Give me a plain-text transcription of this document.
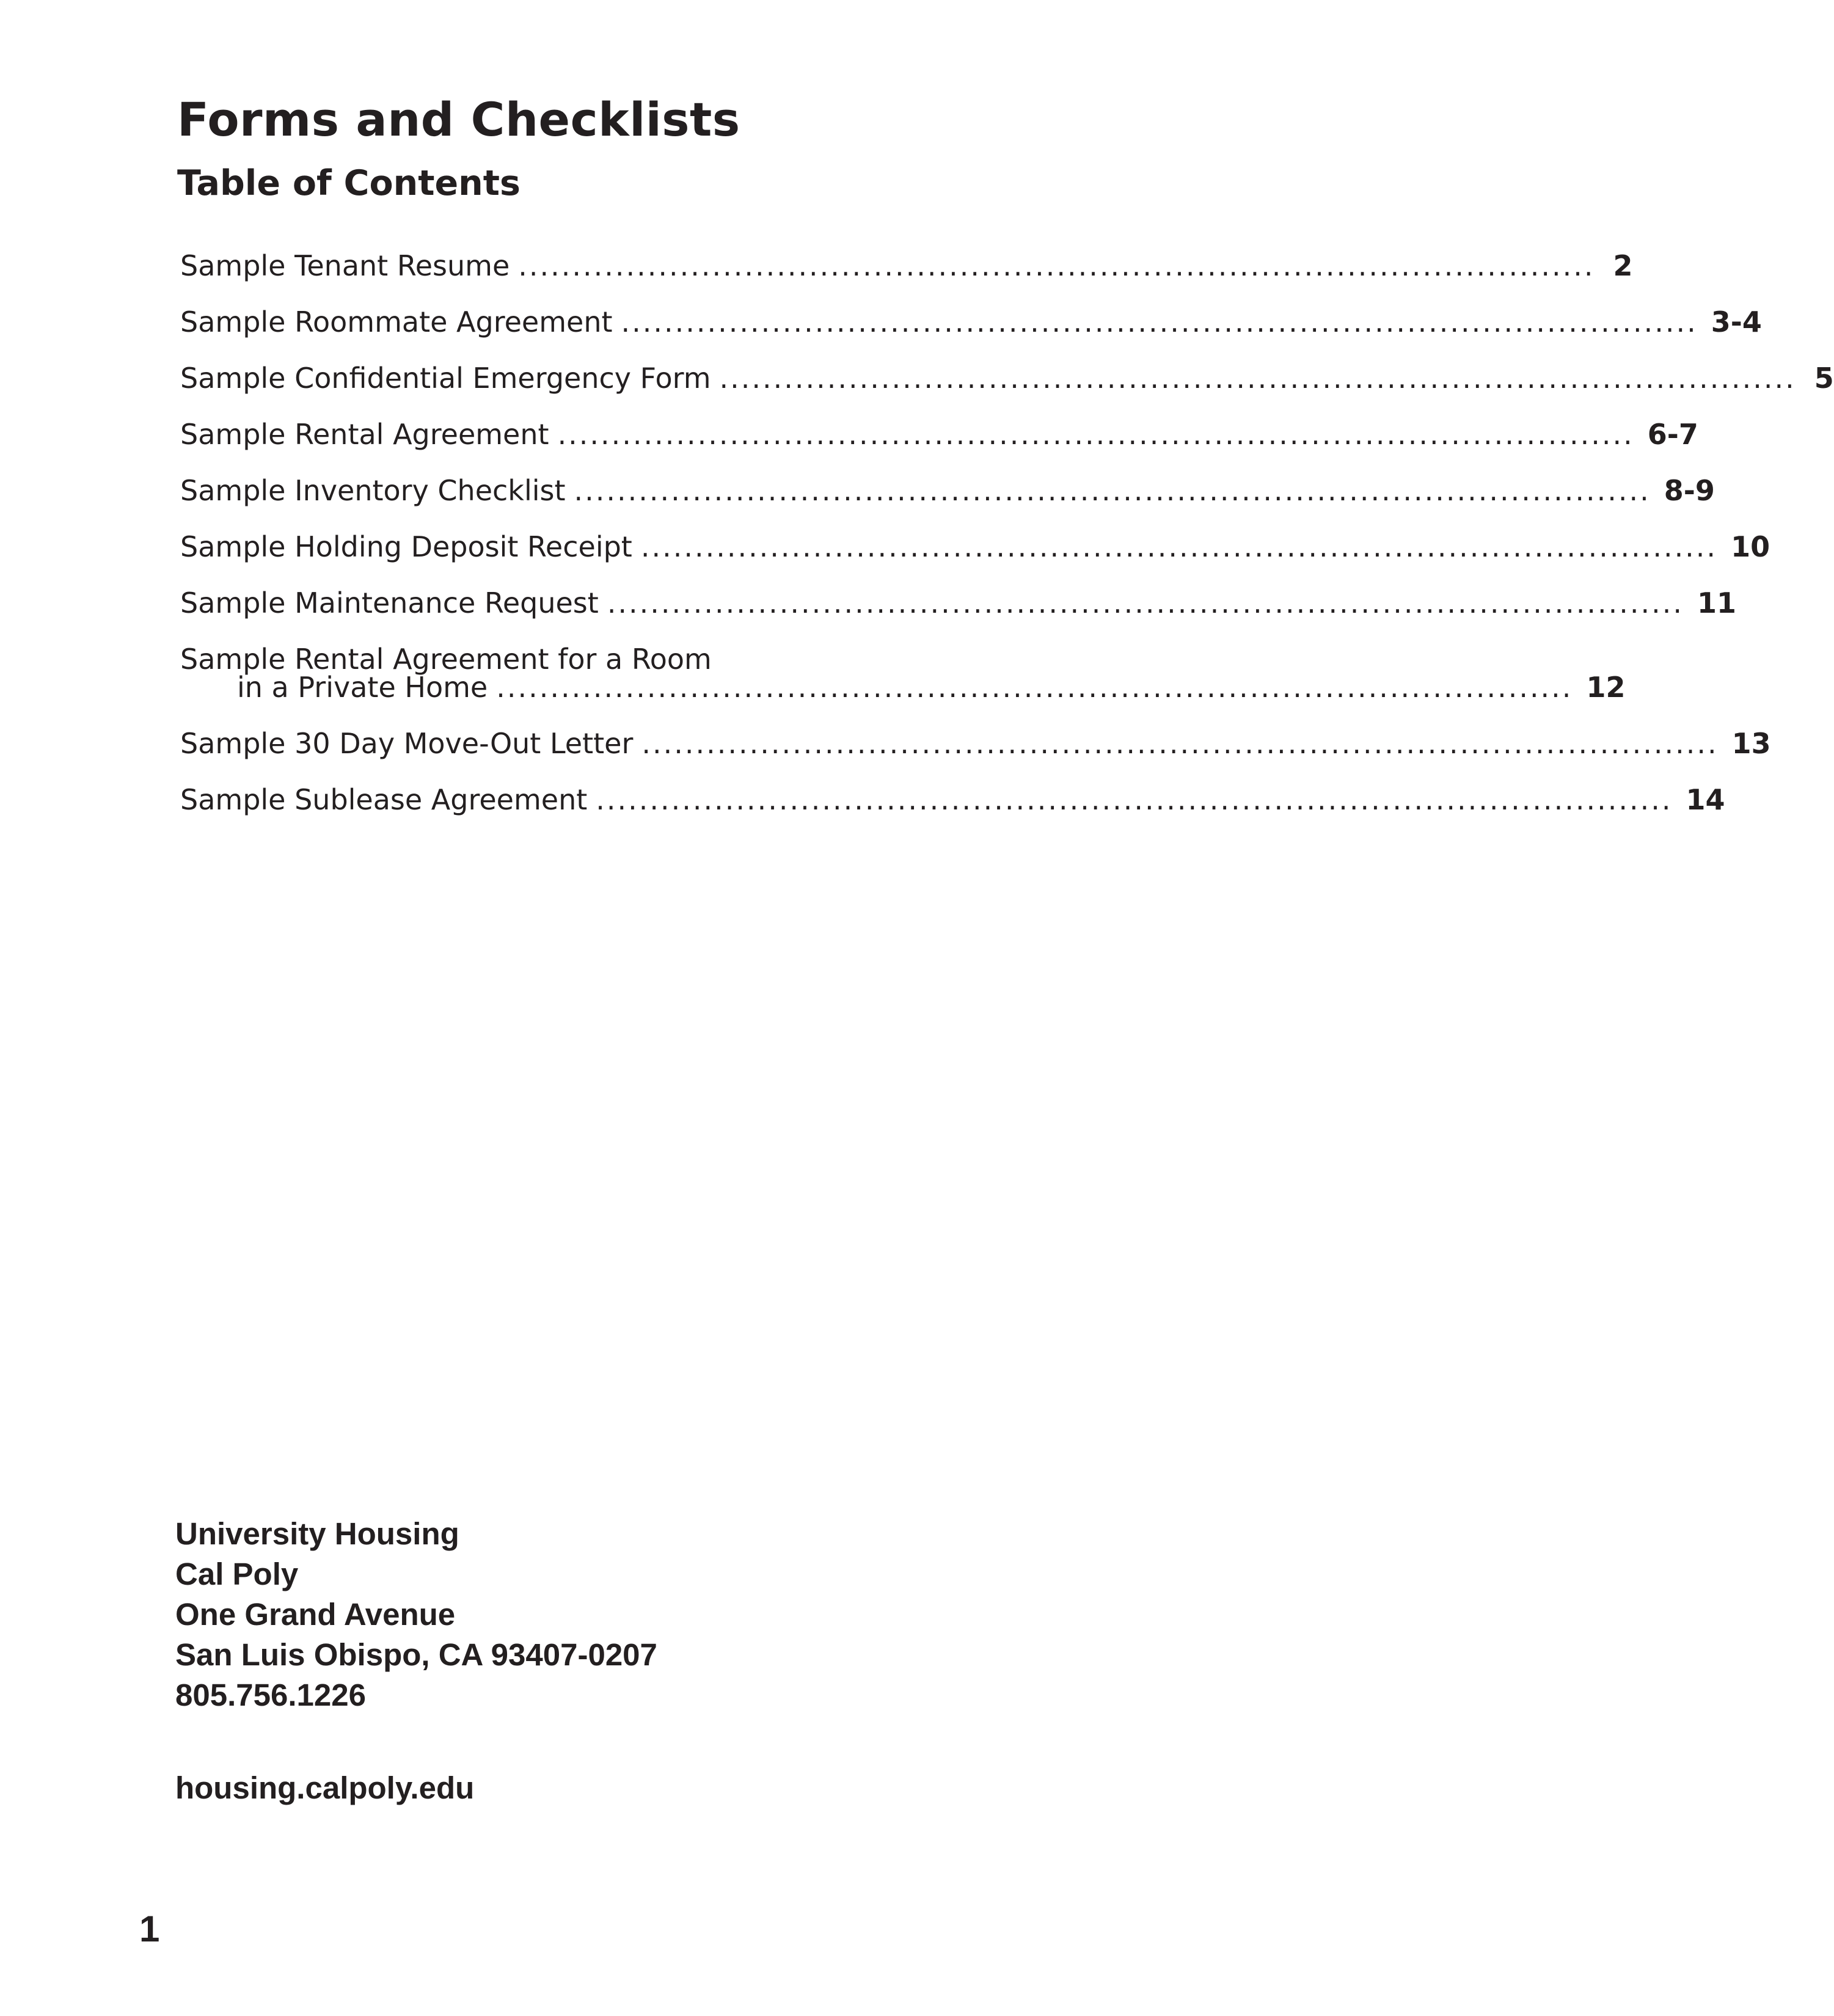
Forms and Checklists
Table of Contents
Sample Tenant Resume .................................................................................................... 2
Sample Roommate Agreement .................................................................................................... 3-4
Sample Confidential Emergency Form .................................................................................................... 5
Sample Rental Agreement .................................................................................................... 6-7
Sample Inventory Checklist .................................................................................................... 8-9
Sample Holding Deposit Receipt .................................................................................................... 10
Sample Maintenance Request .................................................................................................... 11
Sample Rental Agreement for a Room
in a Private Home .................................................................................................... 12
Sample 30 Day Move-Out Letter .................................................................................................... 13
Sample Sublease Agreement .................................................................................................... 14
University Housing
Cal Poly
One Grand Avenue
San Luis Obispo, CA 93407-0207
805.756.1226
housing.calpoly.edu
1
